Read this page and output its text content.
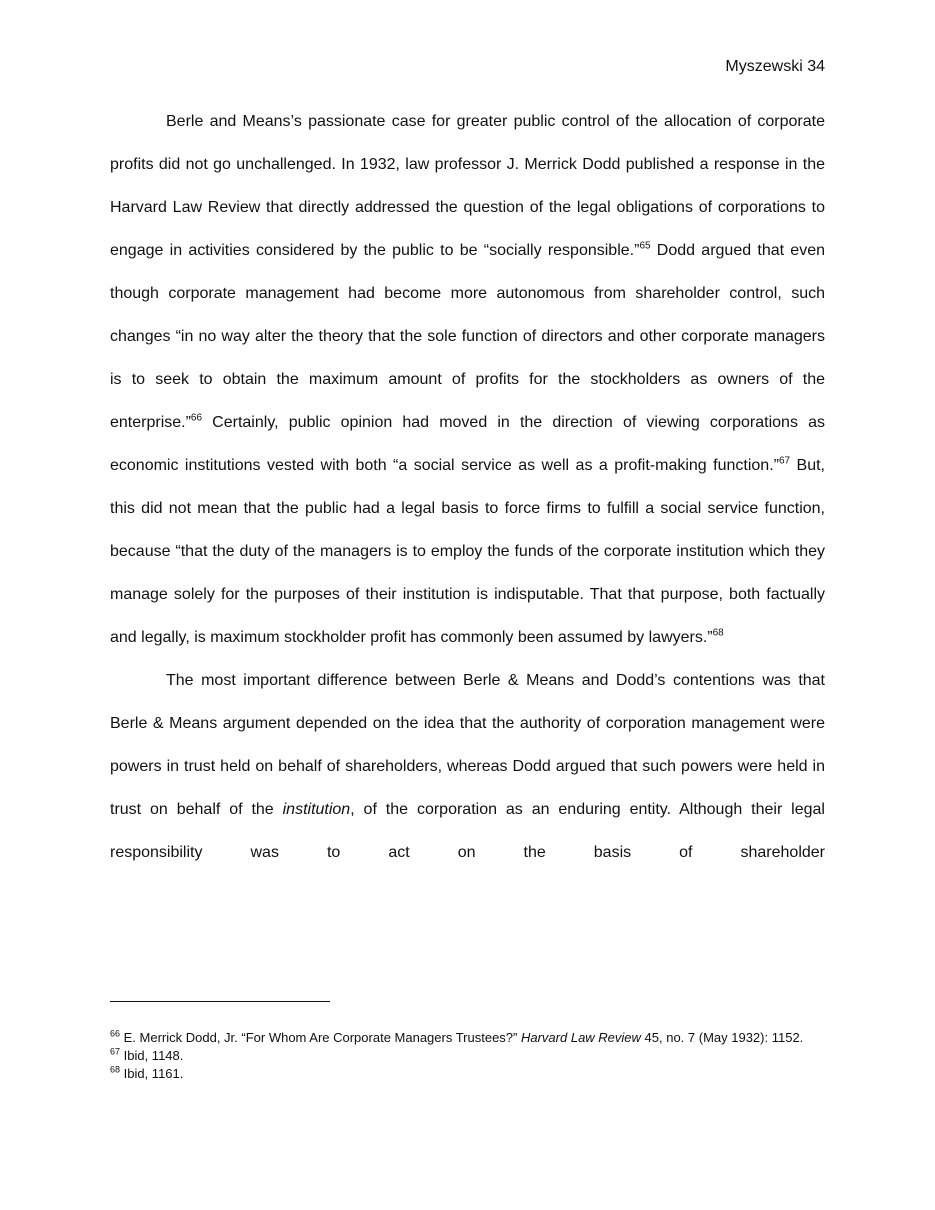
Myszewski 34

Berle and Means’s passionate case for greater public control of the allocation of corporate profits did not go unchallenged. In 1932, law professor J. Merrick Dodd published a response in the Harvard Law Review that directly addressed the question of the legal obligations of corporations to engage in activities considered by the public to be “socially responsible.”$^{65}$ Dodd argued that even though corporate management had become more autonomous from shareholder control, such changes “in no way alter the theory that the sole function of directors and other corporate managers is to seek to obtain the maximum amount of profits for the stockholders as owners of the enterprise.”$^{66}$ Certainly, public opinion had moved in the direction of viewing corporations as economic institutions vested with both “a social service as well as a profit-making function.”$^{67}$ But, this did not mean that the public had a legal basis to force firms to fulfill a social service function, because “that the duty of the managers is to employ the funds of the corporate institution which they manage solely for the purposes of their institution is indisputable. That that purpose, both factually and legally, is maximum stockholder profit has commonly been assumed by lawyers.”$^{68}$

The most important difference between Berle & Means and Dodd’s contentions was that Berle & Means argument depended on the idea that the authority of corporation management were powers in trust held on behalf of shareholders, whereas Dodd argued that such powers were held in trust on behalf of the institution, of the corporation as an enduring entity. Although their legal responsibility was to act on the basis of shareholder

$^{66}$ E. Merrick Dodd, Jr. “For Whom Are Corporate Managers Trustees?” Harvard Law Review 45, no. 7 (May 1932): 1152.

$^{67}$ Ibid, 1148.

$^{68}$ Ibid, 1161.
